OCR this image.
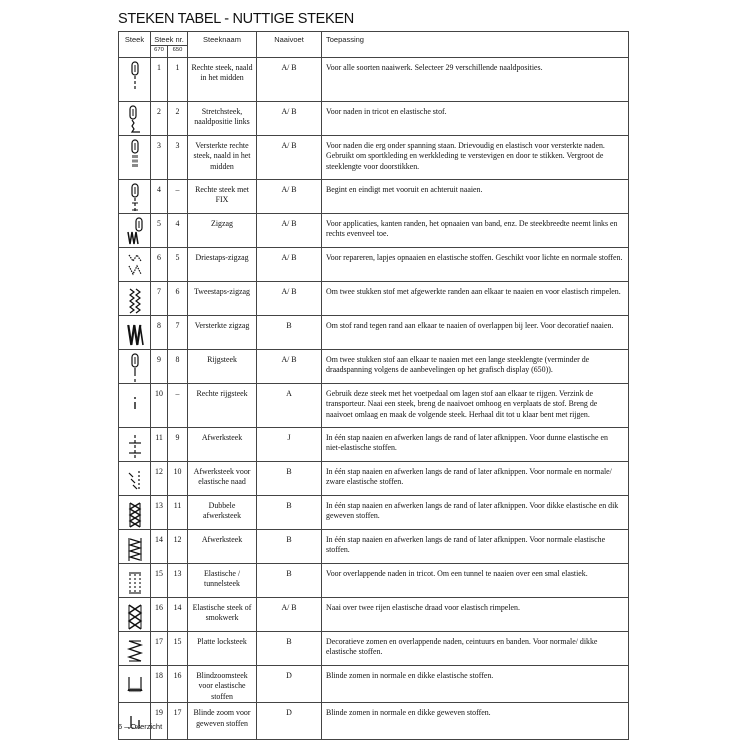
STEKEN TABEL - NUTTIGE STEKEN
Steek	Steek nr.		Steeknaam	Naaivoet	Toepassing
	670	650			

	1	1	Rechte steek, naald in het midden	A/ B	Voor alle soorten naaiwerk. Selecteer 29 verschillende naaldposities.

	2	2	Stretchsteek, naaldpositie links	A/ B	Voor naden in tricot en elastische stof.

	3	3	Versterkte rechte steek, naald in het midden	A/ B	Voor naden die erg onder spanning staan. Drievoudig en elastisch voor versterkte naden. Gebruikt om sportkleding en werkkleding te verstevigen en door te stikken. Vergroot de steeklengte voor doorstikken.

	4	–	Rechte steek met FIX	A/ B	Begint en eindigt met vooruit en achteruit naaien.

	5	4	Zigzag	A/ B	Voor applicaties, kanten randen, het opnaaien van band, enz. De steekbreedte neemt links en rechts evenveel toe.

	6	5	Driestaps-zigzag	A/ B	Voor repareren, lapjes opnaaien en elastische stoffen. Geschikt voor lichte en normale stoffen.

	7	6	Tweestaps-zigzag	A/ B	Om twee stukken stof met afgewerkte randen aan elkaar te naaien en voor elastisch rimpelen.

	8	7	Versterkte zigzag	B	Om stof rand tegen rand aan elkaar te naaien of overlappen bij leer. Voor decoratief naaien.

	9	8	Rijgsteek	A/ B	Om twee stukken stof aan elkaar te naaien met een lange steeklengte (verminder de draadspanning volgens de aanbevelingen op het grafisch display (650)).

	10	–	Rechte rijgsteek	A	Gebruik deze steek met het voetpedaal om lagen stof aan elkaar te rijgen. Verzink de transporteur. Naai een steek, breng de naaivoet omhoog en verplaats de stof. Breng de naaivoet omlaag en maak de volgende steek. Herhaal dit tot u klaar bent met rijgen.

	11	9	Afwerksteek	J	In één stap naaien en afwerken langs de rand of later afknippen. Voor dunne elastische en niet-elastische stoffen.

	12	10	Afwerksteek voor elastische naad	B	In één stap naaien en afwerken langs de rand of later afknippen. Voor normale en normale/ zware elastische stoffen.

	13	11	Dubbele afwerksteek	B	In één stap naaien en afwerken langs de rand of later afknippen. Voor dikke elastische en dik geweven stoffen.

	14	12	Afwerksteek	B	In één stap naaien en afwerken langs de rand of later afknippen. Voor normale elastische stoffen.

	15	13	Elastische / tunnelsteek	B	Voor overlappende naden in tricot. Om een tunnel te naaien over een smal elastiek.

	16	14	Elastische steek of smokwerk	A/ B	Naai over twee rijen elastische draad voor elastisch rimpelen.

	17	15	Platte locksteek	B	Decoratieve zomen en overlappende naden, ceintuurs en banden. Voor normale/ dikke elastische stoffen.

	18	16	Blindzoomsteek voor elastische stoffen	D	Blinde zomen in normale en dikke elastische stoffen.

	19	17	Blinde zoom voor geweven stoffen	D	Blinde zomen in normale en dikke geweven stoffen.
6 – Overzicht
